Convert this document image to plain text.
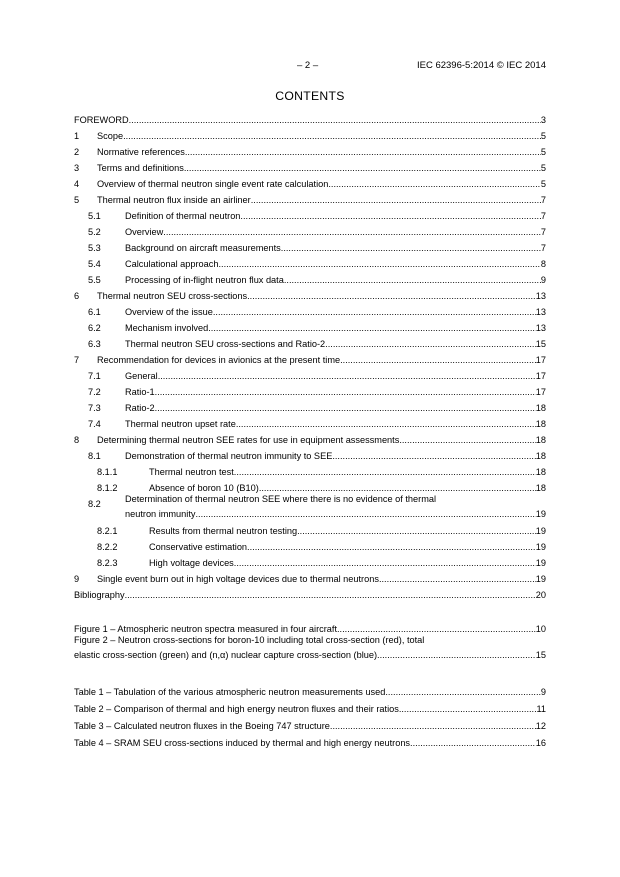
– 2 –	IEC 62396-5:2014 © IEC 2014
CONTENTS
FOREWORD .....	3
1 Scope .....	5
2 Normative references .....	5
3 Terms and definitions .....	5
4 Overview of thermal neutron single event rate calculation .....	5
5 Thermal neutron flux inside an airliner .....	7
5.1	Definition of thermal neutron .....	7
5.2	Overview .....	7
5.3	Background on aircraft measurements .....	7
5.4	Calculational approach .....	8
5.5	Processing of in-flight neutron flux data .....	9
6 Thermal neutron SEU cross-sections .....	13
6.1	Overview of the issue .....	13
6.2	Mechanism involved .....	13
6.3	Thermal neutron SEU cross-sections and Ratio-2 .....	15
7 Recommendation for devices in avionics at the present time .....	17
7.1	General .....	17
7.2	Ratio-1 .....	17
7.3	Ratio-2 .....	18
7.4	Thermal neutron upset rate .....	18
8 Determining thermal neutron SEE rates for use in equipment assessments .....	18
8.1	Demonstration of thermal neutron immunity to SEE .....	18
8.1.1	Thermal neutron test .....	18
8.1.2	Absence of boron 10 (B10) .....	18
8.2	Determination of thermal neutron SEE where there is no evidence of thermal
neutron immunity .....	19
8.2.1	Results from thermal neutron testing .....	19
8.2.2	Conservative estimation .....	19
8.2.3	High voltage devices .....	19
9 Single event burn out in high voltage devices due to thermal neutrons .....	19
Bibliography .....	20
Figure 1 – Atmospheric neutron spectra measured in four aircraft .....	10
Figure 2 – Neutron cross-sections for boron-10 including total cross-section (red), total
elastic cross-section (green) and (n,α) nuclear capture cross-section (blue) .....	15
Table 1 – Tabulation of the various atmospheric neutron measurements used .....	9
Table 2 – Comparison of thermal and high energy neutron fluxes and their ratios .....	11
Table 3 – Calculated neutron fluxes in the Boeing 747 structure .....	12
Table 4 – SRAM SEU cross-sections induced by thermal and high energy neutrons .....	16
